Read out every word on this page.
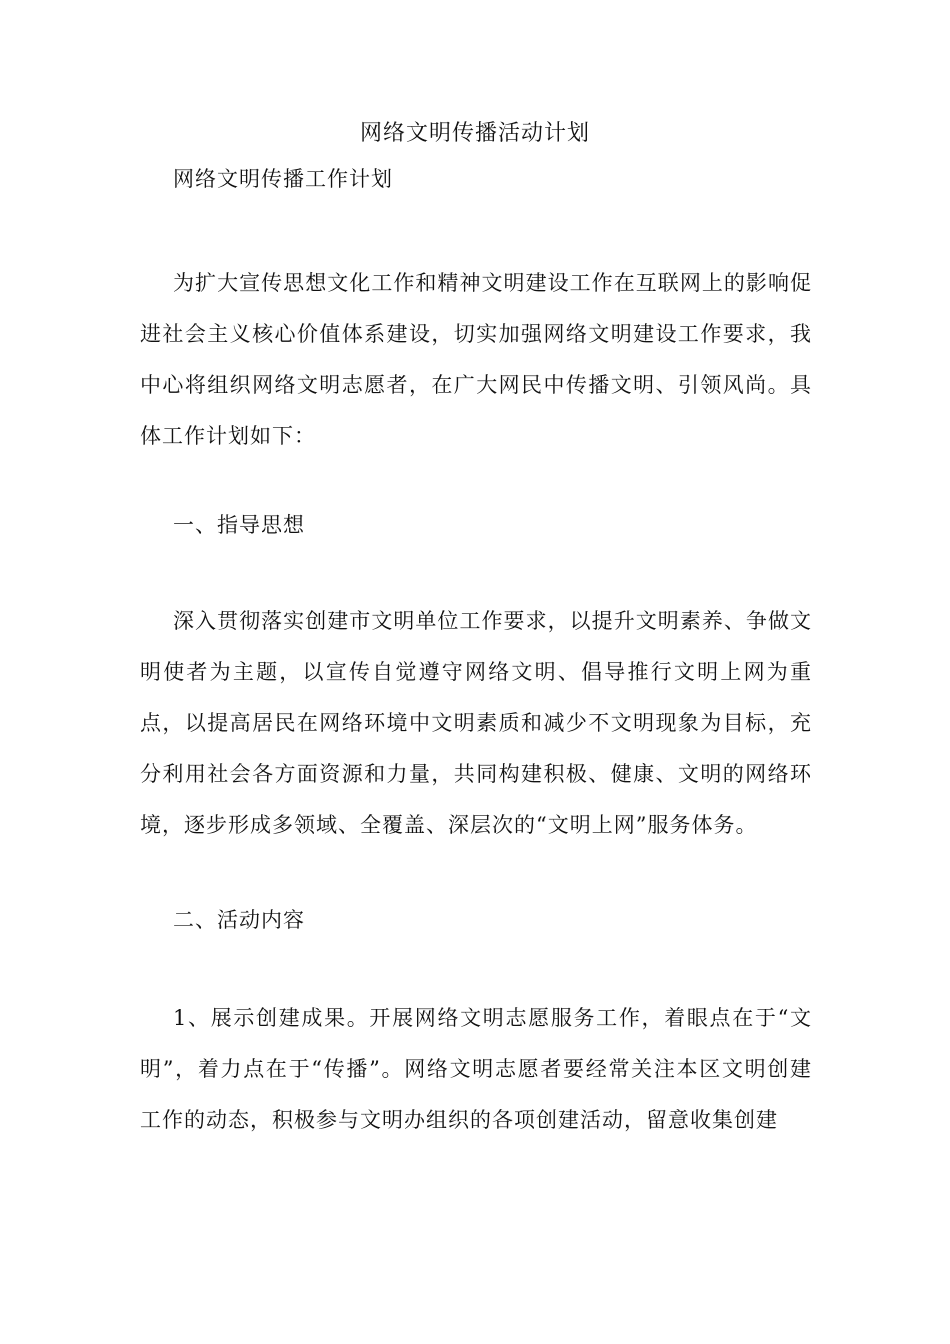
网络文明传播活动计划
网络文明传播工作计划

为扩大宣传思想文化工作和精神文明建设工作在互联网上的影响促进社会主义核心价值体系建设，切实加强网络文明建设工作要求，我中心将组织网络文明志愿者，在广大网民中传播文明、引领风尚。具体工作计划如下：

一、指导思想

深入贯彻落实创建市文明单位工作要求，以提升文明素养、争做文明使者为主题，以宣传自觉遵守网络文明、倡导推行文明上网为重点，以提高居民在网络环境中文明素质和减少不文明现象为目标，充分利用社会各方面资源和力量，共同构建积极、健康、文明的网络环境，逐步形成多领域、全覆盖、深层次的“文明上网”服务体务。

二、活动内容

1、展示创建成果。开展网络文明志愿服务工作，着眼点在于“文明”，着力点在于“传播”。网络文明志愿者要经常关注本区文明创建工作的动态，积极参与文明办组织的各项创建活动，留意收集创建
